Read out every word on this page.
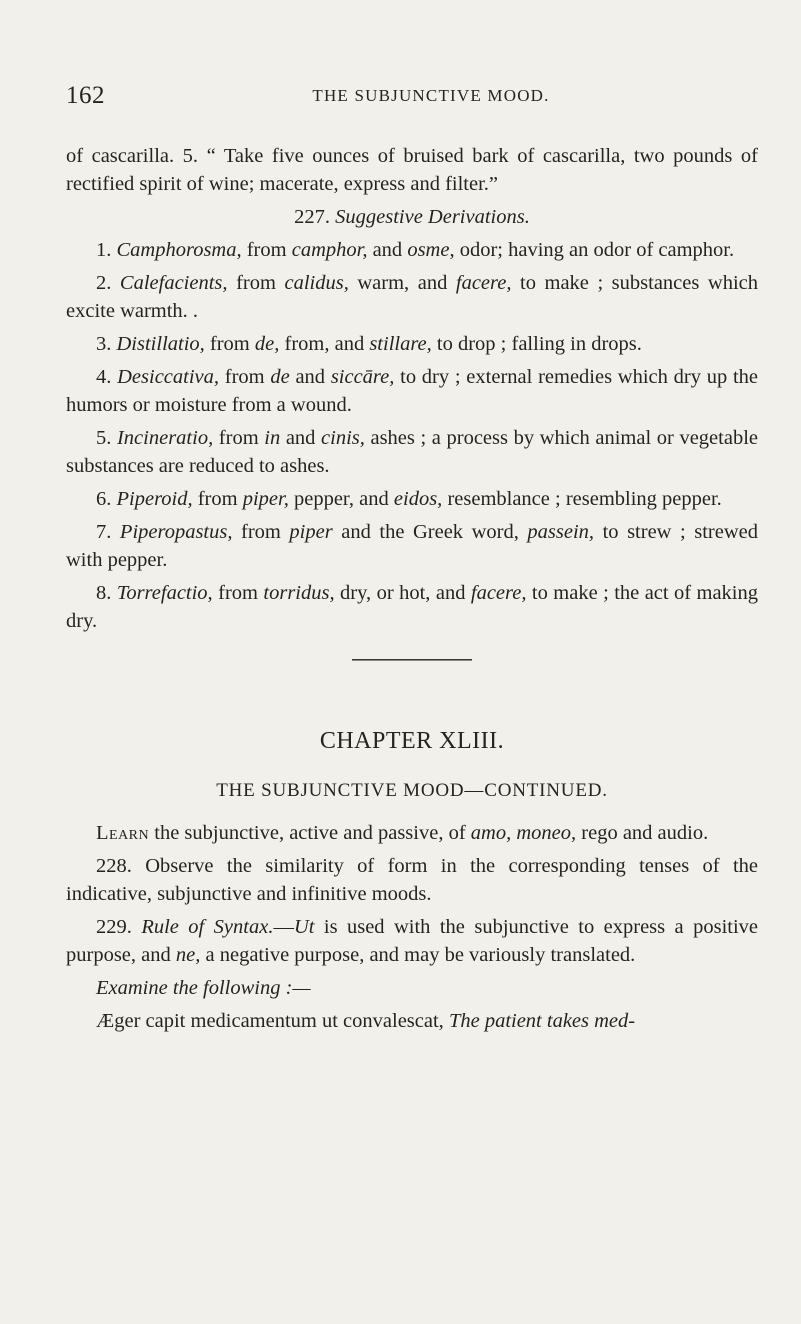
162	THE SUBJUNCTIVE MOOD.

of cascarilla. 5. “ Take five ounces of bruised bark of cascarilla, two pounds of rectified spirit of wine; macerate, express and filter.”

227. Suggestive Derivations.

1. Camphorosma, from camphor, and osme, odor; having an odor of camphor.

2. Calefacients, from calidus, warm, and facere, to make ; substances which excite warmth. .

3. Distillatio, from de, from, and stillare, to drop ; falling in drops.

4. Desiccativa, from de and siccāre, to dry ; external remedies which dry up the humors or moisture from a wound.

5. Incineratio, from in and cinis, ashes ; a process by which animal or vegetable substances are reduced to ashes.

6. Piperoid, from piper, pepper, and eidos, resemblance ; resembling pepper.

7. Piperopastus, from piper and the Greek word, passein, to strew ; strewed with pepper.

8. Torrefactio, from torridus, dry, or hot, and facere, to make ; the act of making dry.

CHAPTER XLIII.
THE SUBJUNCTIVE MOOD—CONTINUED.

Learn the subjunctive, active and passive, of amo, moneo, rego and audio.

228. Observe the similarity of form in the corresponding tenses of the indicative, subjunctive and infinitive moods.

229. Rule of Syntax.—Ut is used with the subjunctive to express a positive purpose, and ne, a negative purpose, and may be variously translated.

Examine the following :—

Æger capit medicamentum ut convalescat, The patient takes med-
